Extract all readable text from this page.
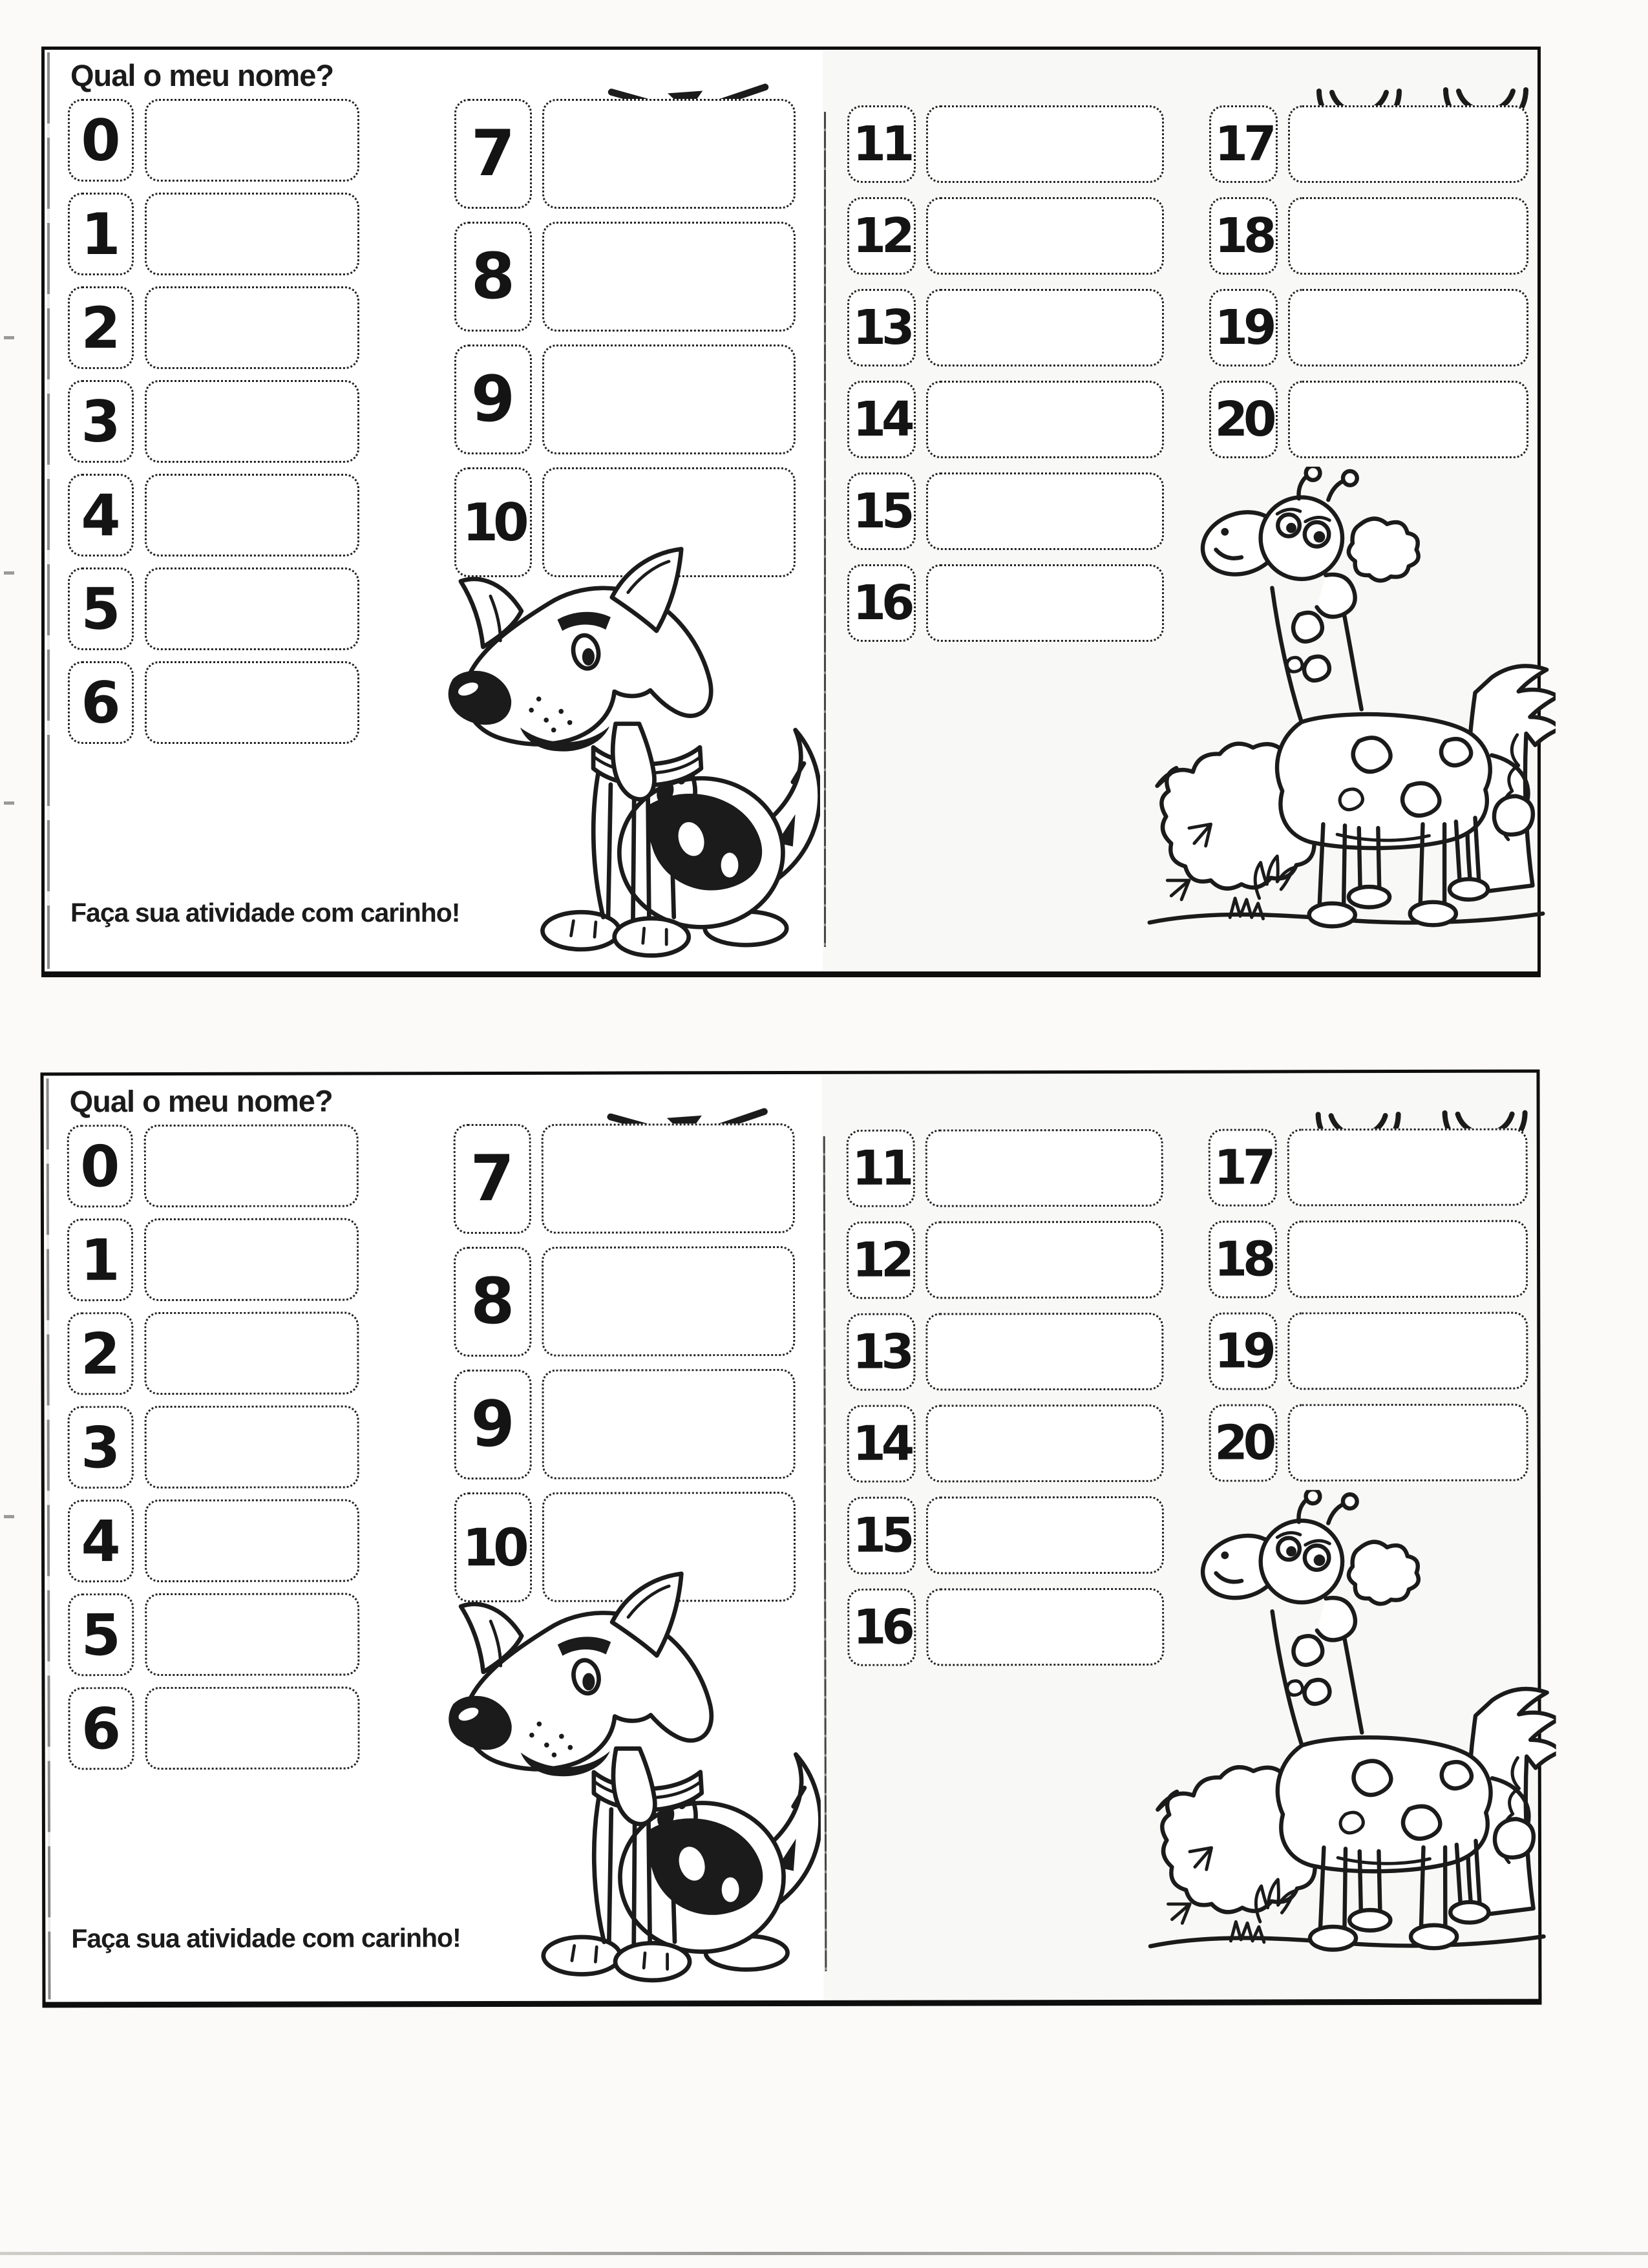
Qual o meu nome?
0
1
2
3
4
5
6
7
8
9
10
11
12
13
14
15
16
17
18
19
20

Faça sua atividade com carinho!

Qual o meu nome?
0
1
2
3
4
5
6
7
8
9
10
11
12
13
14
15
16
17
18
19
20

Faça sua atividade com carinho!
